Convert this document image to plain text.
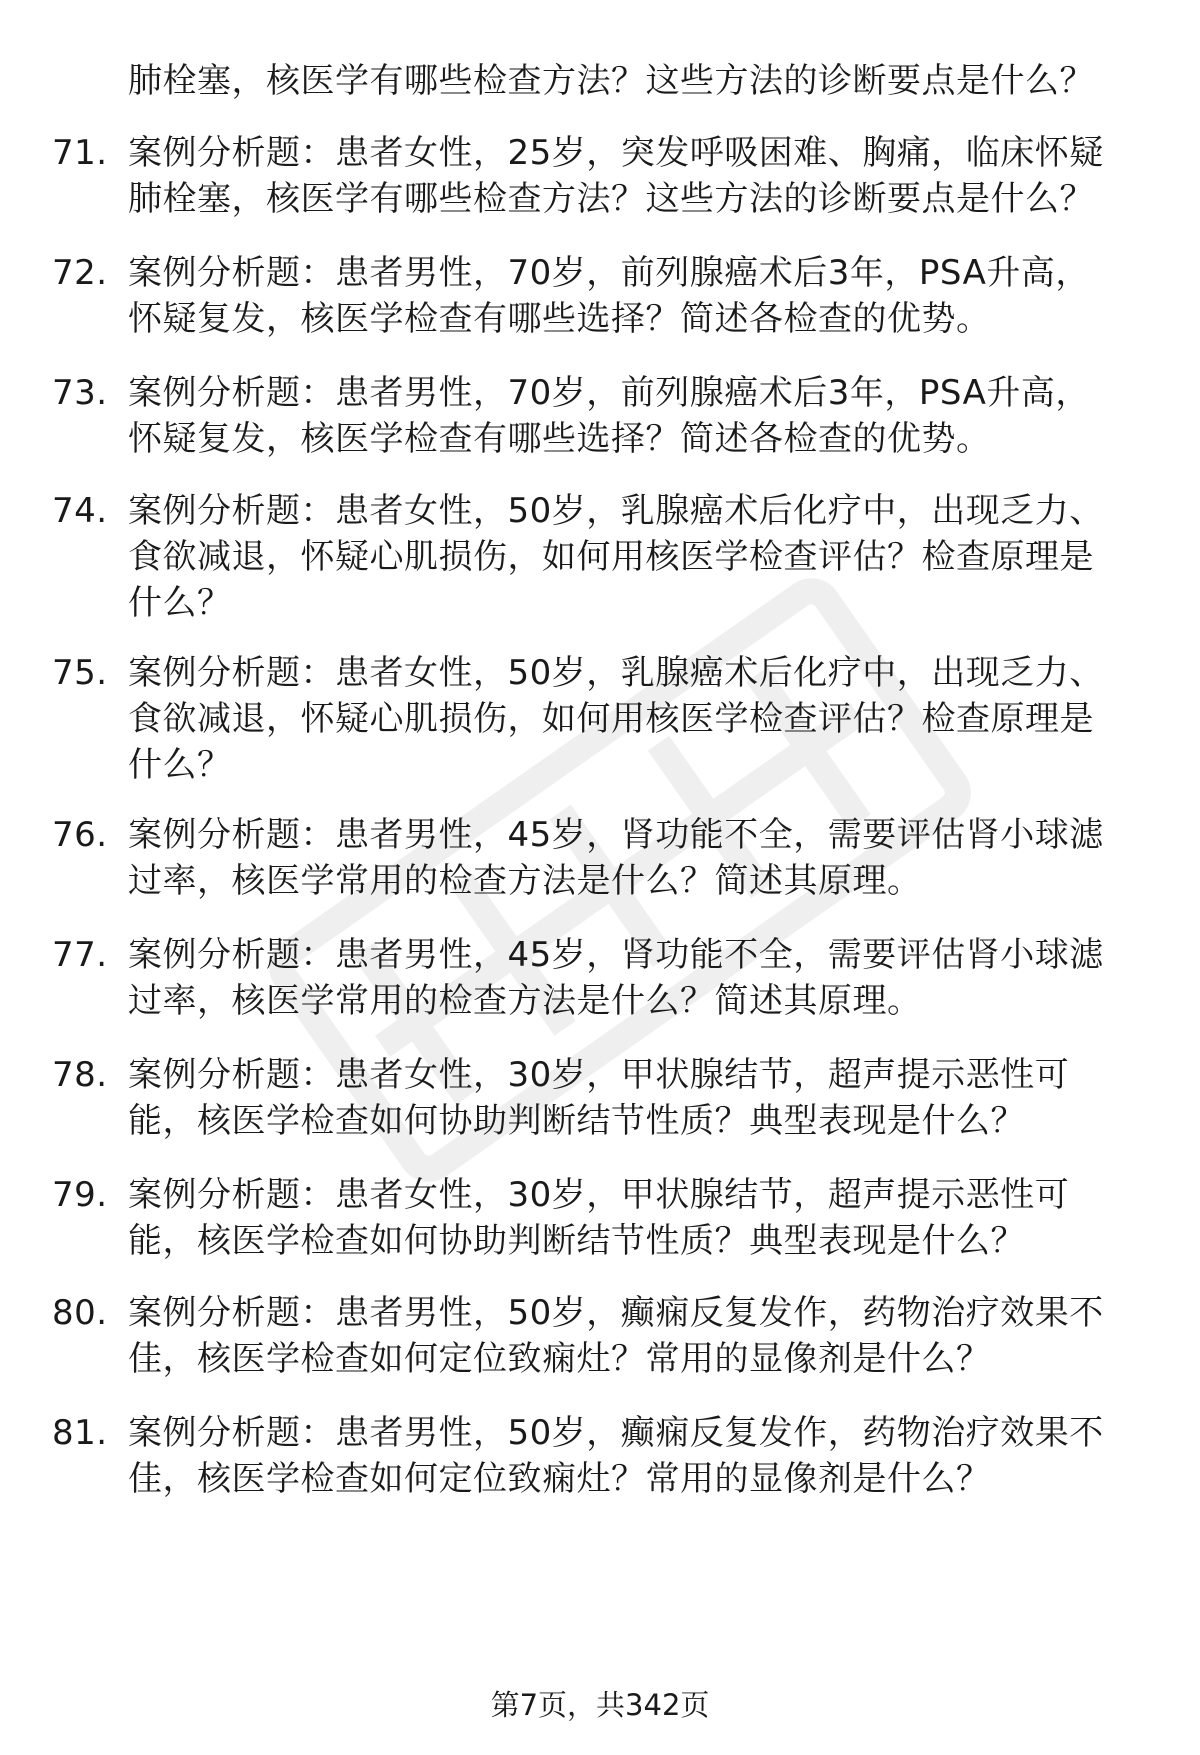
肺栓塞，核医学有哪些检查方法？这些方法的诊断要点是什么？
71. 案例分析题：患者女性，25岁，突发呼吸困难、胸痛，临床怀疑
肺栓塞，核医学有哪些检查方法？这些方法的诊断要点是什么？
72. 案例分析题：患者男性，70岁，前列腺癌术后3年，PSA升高，
怀疑复发，核医学检查有哪些选择？简述各检查的优势。
73. 案例分析题：患者男性，70岁，前列腺癌术后3年，PSA升高，
怀疑复发，核医学检查有哪些选择？简述各检查的优势。
74. 案例分析题：患者女性，50岁，乳腺癌术后化疗中，出现乏力、
食欲减退，怀疑心肌损伤，如何用核医学检查评估？检查原理是
什么？
75. 案例分析题：患者女性，50岁，乳腺癌术后化疗中，出现乏力、
食欲减退，怀疑心肌损伤，如何用核医学检查评估？检查原理是
什么？
76. 案例分析题：患者男性，45岁，肾功能不全，需要评估肾小球滤
过率，核医学常用的检查方法是什么？简述其原理。
77. 案例分析题：患者男性，45岁，肾功能不全，需要评估肾小球滤
过率，核医学常用的检查方法是什么？简述其原理。
78. 案例分析题：患者女性，30岁，甲状腺结节，超声提示恶性可
能，核医学检查如何协助判断结节性质？典型表现是什么？
79. 案例分析题：患者女性，30岁，甲状腺结节，超声提示恶性可
能，核医学检查如何协助判断结节性质？典型表现是什么？
80. 案例分析题：患者男性，50岁，癫痫反复发作，药物治疗效果不
佳，核医学检查如何定位致痫灶？常用的显像剂是什么？
81. 案例分析题：患者男性，50岁，癫痫反复发作，药物治疗效果不
佳，核医学检查如何定位致痫灶？常用的显像剂是什么？
第7页，共342页
